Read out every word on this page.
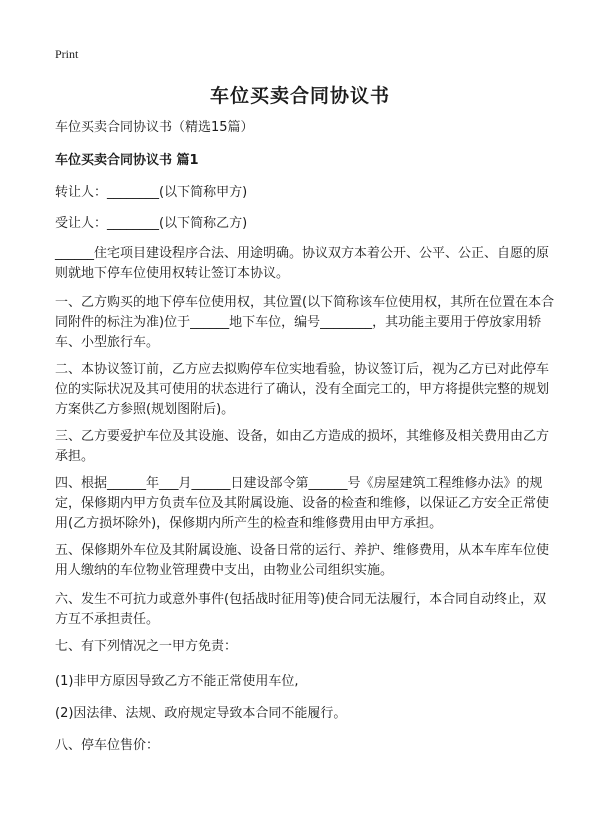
Print
车位买卖合同协议书
车位买卖合同协议书（精选15篇）
车位买卖合同协议书 篇1
转让人：________(以下简称甲方)
受让人：________(以下简称乙方)
______住宅项目建设程序合法、用途明确。协议双方本着公开、公平、公正、自愿的原则就地下停车位使用权转让签订本协议。
一、乙方购买的地下停车位使用权，其位置(以下简称该车位使用权，其所在位置在本合同附件的标注为准)位于______地下车位，编号________，其功能主要用于停放家用轿车、小型旅行车。
二、本协议签订前，乙方应去拟购停车位实地看验，协议签订后，视为乙方已对此停车位的实际状况及其可使用的状态进行了确认，没有全面完工的，甲方将提供完整的规划方案供乙方参照(规划图附后)。
三、乙方要爱护车位及其设施、设备，如由乙方造成的损坏，其维修及相关费用由乙方承担。
四、根据______年___月______日建设部令第______号《房屋建筑工程维修办法》的规定，保修期内甲方负责车位及其附属设施、设备的检查和维修，以保证乙方安全正常使用(乙方损坏除外)，保修期内所产生的检查和维修费用由甲方承担。
五、保修期外车位及其附属设施、设备日常的运行、养护、维修费用，从本车库车位使用人缴纳的车位物业管理费中支出，由物业公司组织实施。
六、发生不可抗力或意外事件(包括战时征用等)使合同无法履行，本合同自动终止，双方互不承担责任。
七、有下列情况之一甲方免责：
(1)非甲方原因导致乙方不能正常使用车位,
(2)因法律、法规、政府规定导致本合同不能履行。
八、停车位售价：
